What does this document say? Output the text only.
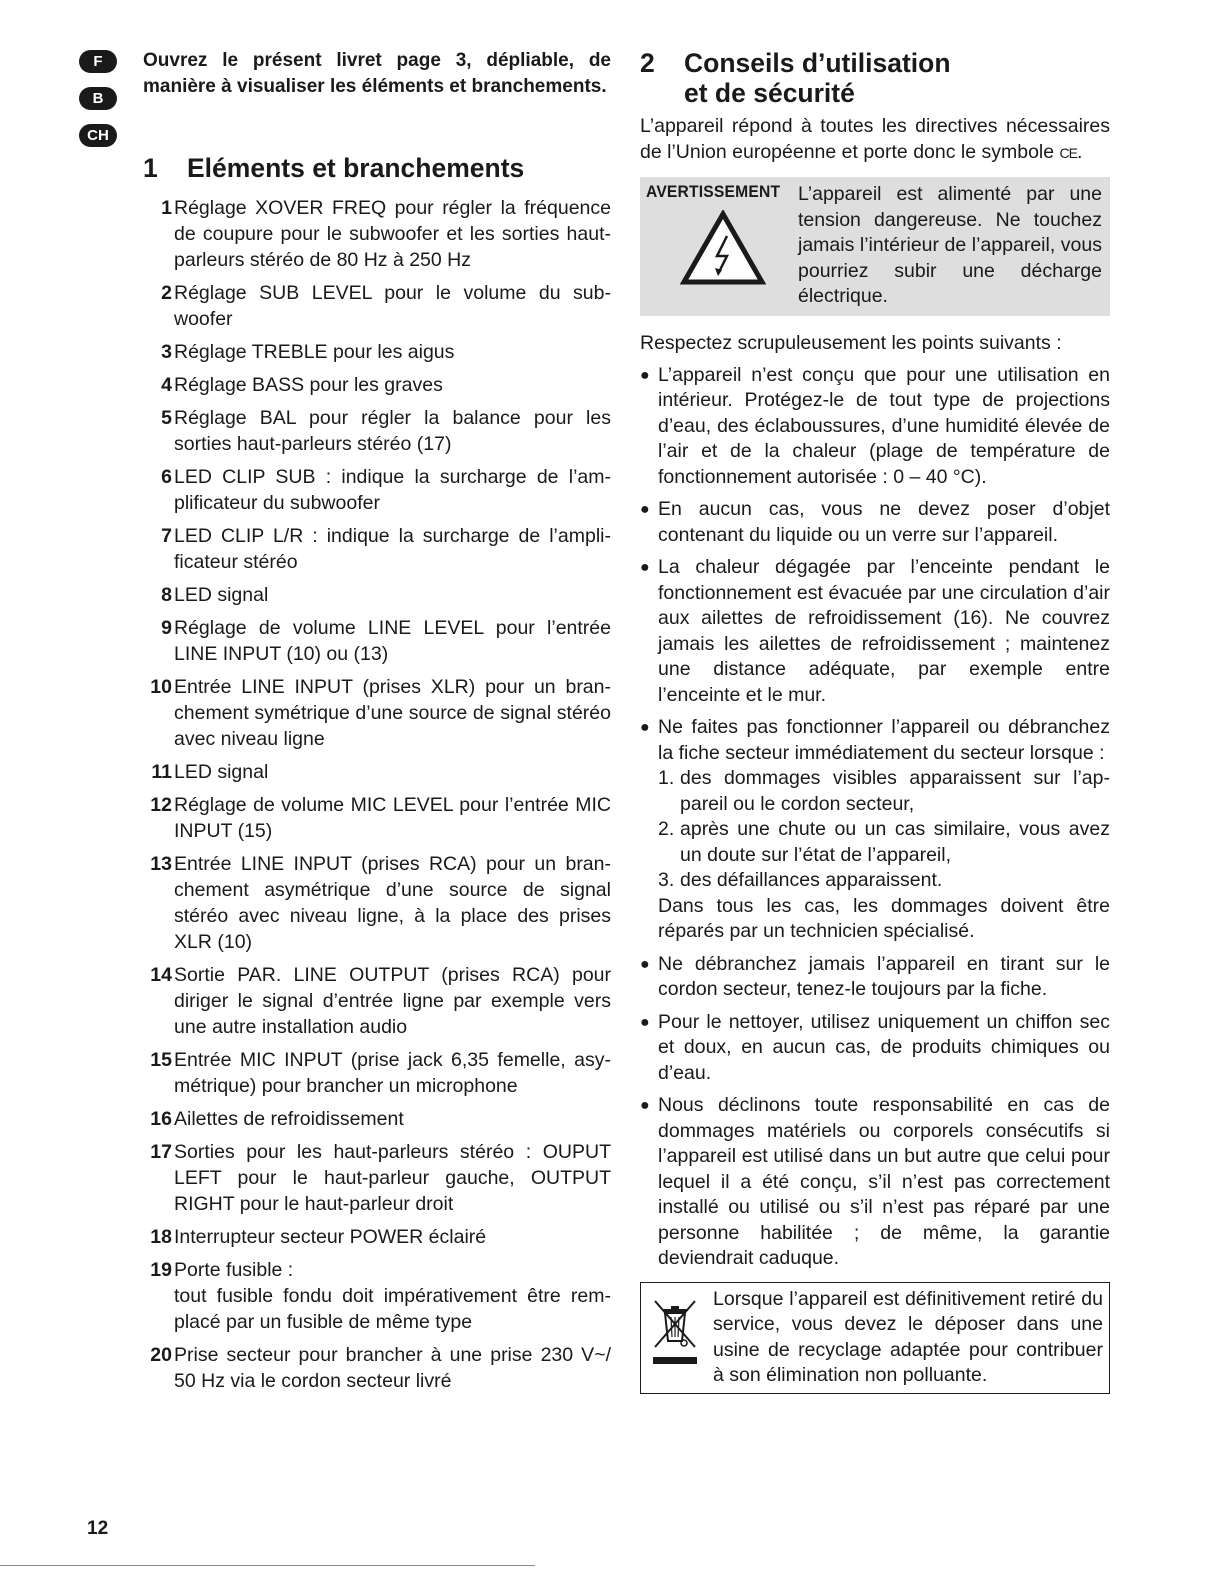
F
B
CH

Ouvrez le présent livret page 3, dépliable, de manière à visualiser les éléments et branchements.

1	Eléments et branchements
1 Réglage XOVER FREQ pour régler la fréquence de coupure pour le subwoofer et les sorties haut-parleurs stéréo de 80 Hz à 250 Hz
2 Réglage SUB LEVEL pour le volume du subwoofer
3 Réglage TREBLE pour les aigus
4 Réglage BASS pour les graves
5 Réglage BAL pour régler la balance pour les sorties haut-parleurs stéréo (17)
6 LED CLIP SUB : indique la surcharge de l’amplificateur du subwoofer
7 LED CLIP L/R : indique la surcharge de l’amplificateur stéréo
8 LED signal
9 Réglage de volume LINE LEVEL pour l’entrée LINE INPUT (10) ou (13)
10 Entrée LINE INPUT (prises XLR) pour un branchement symétrique d’une source de signal stéréo avec niveau ligne
11 LED signal
12 Réglage de volume MIC LEVEL pour l’entrée MIC INPUT (15)
13 Entrée LINE INPUT (prises RCA) pour un branchement asymétrique d’une source de signal stéréo avec niveau ligne, à la place des prises XLR (10)
14 Sortie PAR. LINE OUTPUT (prises RCA) pour diriger le signal d’entrée ligne par exemple vers une autre installation audio
15 Entrée MIC INPUT (prise jack 6,35 femelle, asymétrique) pour brancher un microphone
16 Ailettes de refroidissement
17 Sorties pour les haut-parleurs stéréo : OUPUT LEFT pour le haut-parleur gauche, OUTPUT RIGHT pour le haut-parleur droit
18 Interrupteur secteur POWER éclairé
19 Porte fusible :
tout fusible fondu doit impérativement être remplacé par un fusible de même type
20 Prise secteur pour brancher à une prise 230 V~/ 50 Hz via le cordon secteur livré
2	Conseils d’utilisation
et de sécurité

L’appareil répond à toutes les directives nécessaires de l’Union européenne et porte donc le symbole CE.

AVERTISSEMENT L’appareil est alimenté par une tension dangereuse. Ne touchez jamais l’intérieur de l’appareil, vous pourriez subir une décharge électrique.

Respectez scrupuleusement les points suivants :

● L’appareil n’est conçu que pour une utilisation en intérieur. Protégez-le de tout type de projections d’eau, des éclaboussures, d’une humidité élevée de l’air et de la chaleur (plage de température de fonctionnement autorisée : 0 – 40 °C).
● En aucun cas, vous ne devez poser d’objet contenant du liquide ou un verre sur l’appareil.
● La chaleur dégagée par l’enceinte pendant le fonctionnement est évacuée par une circulation d’air aux ailettes de refroidissement (16). Ne couvrez jamais les ailettes de refroidissement ; maintenez une distance adéquate, par exemple entre l’enceinte et le mur.
● Ne faites pas fonctionner l’appareil ou débranchez la fiche secteur immédiatement du secteur lorsque :
1. des dommages visibles apparaissent sur l’appareil ou le cordon secteur,
2. après une chute ou un cas similaire, vous avez un doute sur l’état de l’appareil,
3. des défaillances apparaissent.
Dans tous les cas, les dommages doivent être réparés par un technicien spécialisé.
● Ne débranchez jamais l’appareil en tirant sur le cordon secteur, tenez-le toujours par la fiche.
● Pour le nettoyer, utilisez uniquement un chiffon sec et doux, en aucun cas, de produits chimiques ou d’eau.
● Nous déclinons toute responsabilité en cas de dommages matériels ou corporels consécutifs si l’appareil est utilisé dans un but autre que celui pour lequel il a été conçu, s’il n’est pas correctement installé ou utilisé ou s’il n’est pas réparé par une personne habilitée ; de même, la garantie deviendrait caduque.
Lorsque l’appareil est définitivement retiré du service, vous devez le déposer dans une usine de recyclage adaptée pour contribuer à son élimination non polluante.
12
